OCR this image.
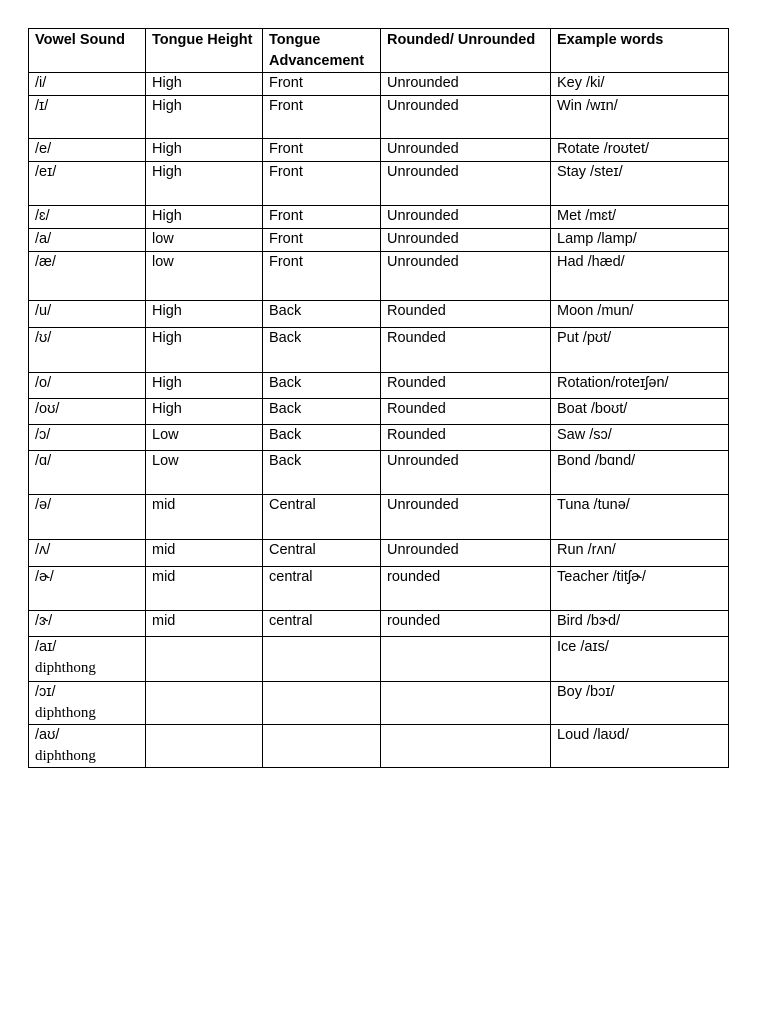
Vowel Sound	Tongue Height	Tongue Advancement	Rounded/ Unrounded	Example words
/i/	High	Front	Unrounded	Key /ki/
/ɪ/	High	Front	Unrounded	Win /wɪn/
/e/	High	Front	Unrounded	Rotate /roʊtet/
/eɪ/	High	Front	Unrounded	Stay /steɪ/
/ɛ/	High	Front	Unrounded	Met /mɛt/
/a/	low	Front	Unrounded	Lamp /lamp/
/æ/	low	Front	Unrounded	Had /hæd/
/u/	High	Back	Rounded	Moon /mun/
/ʊ/	High	Back	Rounded	Put /pʊt/
/o/	High	Back	Rounded	Rotation/roteɪʃən/
/oʊ/	High	Back	Rounded	Boat /boʊt/
/ɔ/	Low	Back	Rounded	Saw /sɔ/
/ɑ/	Low	Back	Unrounded	Bond /bɑnd/
/ə/	mid	Central	Unrounded	Tuna /tunə/
/ʌ/	mid	Central	Unrounded	Run /rʌn/
/ɚ/	mid	central	rounded	Teacher /titʃɚ/
/ɝ/	mid	central	rounded	Bird /bɝd/
/aɪ/
diphthong				Ice /aɪs/
/ɔɪ/
diphthong				Boy /bɔɪ/
/aʊ/
diphthong				Loud /laʊd/
